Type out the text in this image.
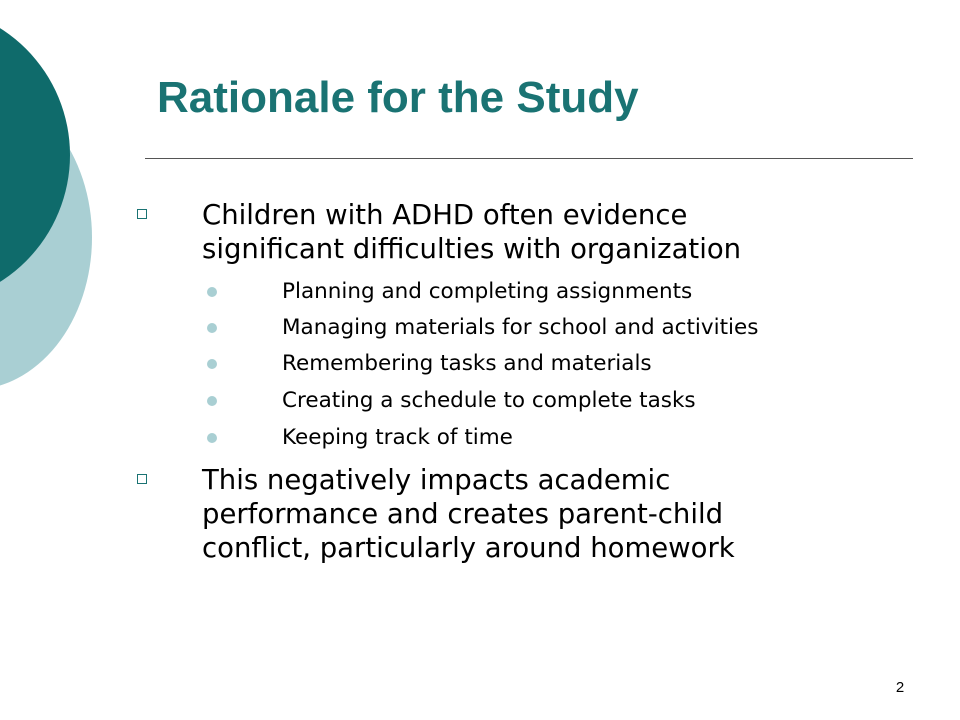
Rationale for the Study
Children with ADHD often evidence
significant difficulties with organization
Planning and completing assignments
Managing materials for school and activities
Remembering tasks and materials
Creating a schedule to complete tasks
Keeping track of time
This negatively impacts academic
performance and creates parent-child
conflict, particularly around homework
2
